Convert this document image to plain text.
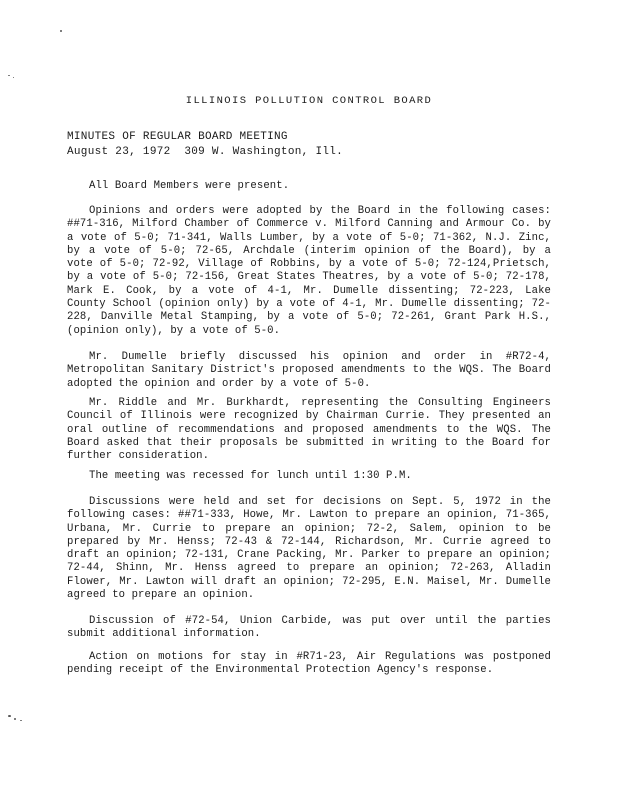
ILLINOIS POLLUTION CONTROL BOARD
MINUTES OF REGULAR BOARD MEETING
August 23, 1972  309 W. Washington, Ill.

All Board Members were present.

Opinions and orders were adopted by the Board in the following cases: ##71-316, Milford Chamber of Commerce v. Milford Canning and Armour Co. by a vote of 5-0; 71-341, Walls Lumber, by a vote of 5-0; 71-362, N.J. Zinc, by a vote of 5-0; 72-65, Archdale (interim opinion of the Board), by a vote of 5-0; 72-92, Village of Robbins, by a vote of 5-0; 72-124,Prietsch, by a vote of 5-0; 72-156, Great States Theatres, by a vote of 5-0; 72-178, Mark E. Cook, by a vote of 4-1, Mr. Dumelle dissenting; 72-223, Lake County School (opinion only) by a vote of 4-1, Mr. Dumelle dissenting; 72-228, Danville Metal Stamping, by a vote of 5-0; 72-261, Grant Park H.S., (opinion only), by a vote of 5-0.

Mr. Dumelle briefly discussed his opinion and order in #R72-4, Metropolitan Sanitary District's proposed amendments to the WQS. The Board adopted the opinion and order by a vote of 5-0.

Mr. Riddle and Mr. Burkhardt, representing the Consulting Engineers Council of Illinois were recognized by Chairman Currie. They presented an oral outline of recommendations and proposed amendments to the WQS. The Board asked that their proposals be submitted in writing to the Board for further consideration.

The meeting was recessed for lunch until 1:30 P.M.

Discussions were held and set for decisions on Sept. 5, 1972 in the following cases: ##71-333, Howe, Mr. Lawton to prepare an opinion, 71-365, Urbana, Mr. Currie to prepare an opinion; 72-2, Salem, opinion to be prepared by Mr. Henss; 72-43 & 72-144, Richardson, Mr. Currie agreed to draft an opinion; 72-131, Crane Packing, Mr. Parker to prepare an opinion; 72-44, Shinn, Mr. Henss agreed to prepare an opinion; 72-263, Alladin Flower, Mr. Lawton will draft an opinion; 72-295, E.N. Maisel, Mr. Dumelle agreed to prepare an opinion.

Discussion of #72-54, Union Carbide, was put over until the parties submit additional information.

Action on motions for stay in #R71-23, Air Regulations was postponed pending receipt of the Environmental Protection Agency's response.
